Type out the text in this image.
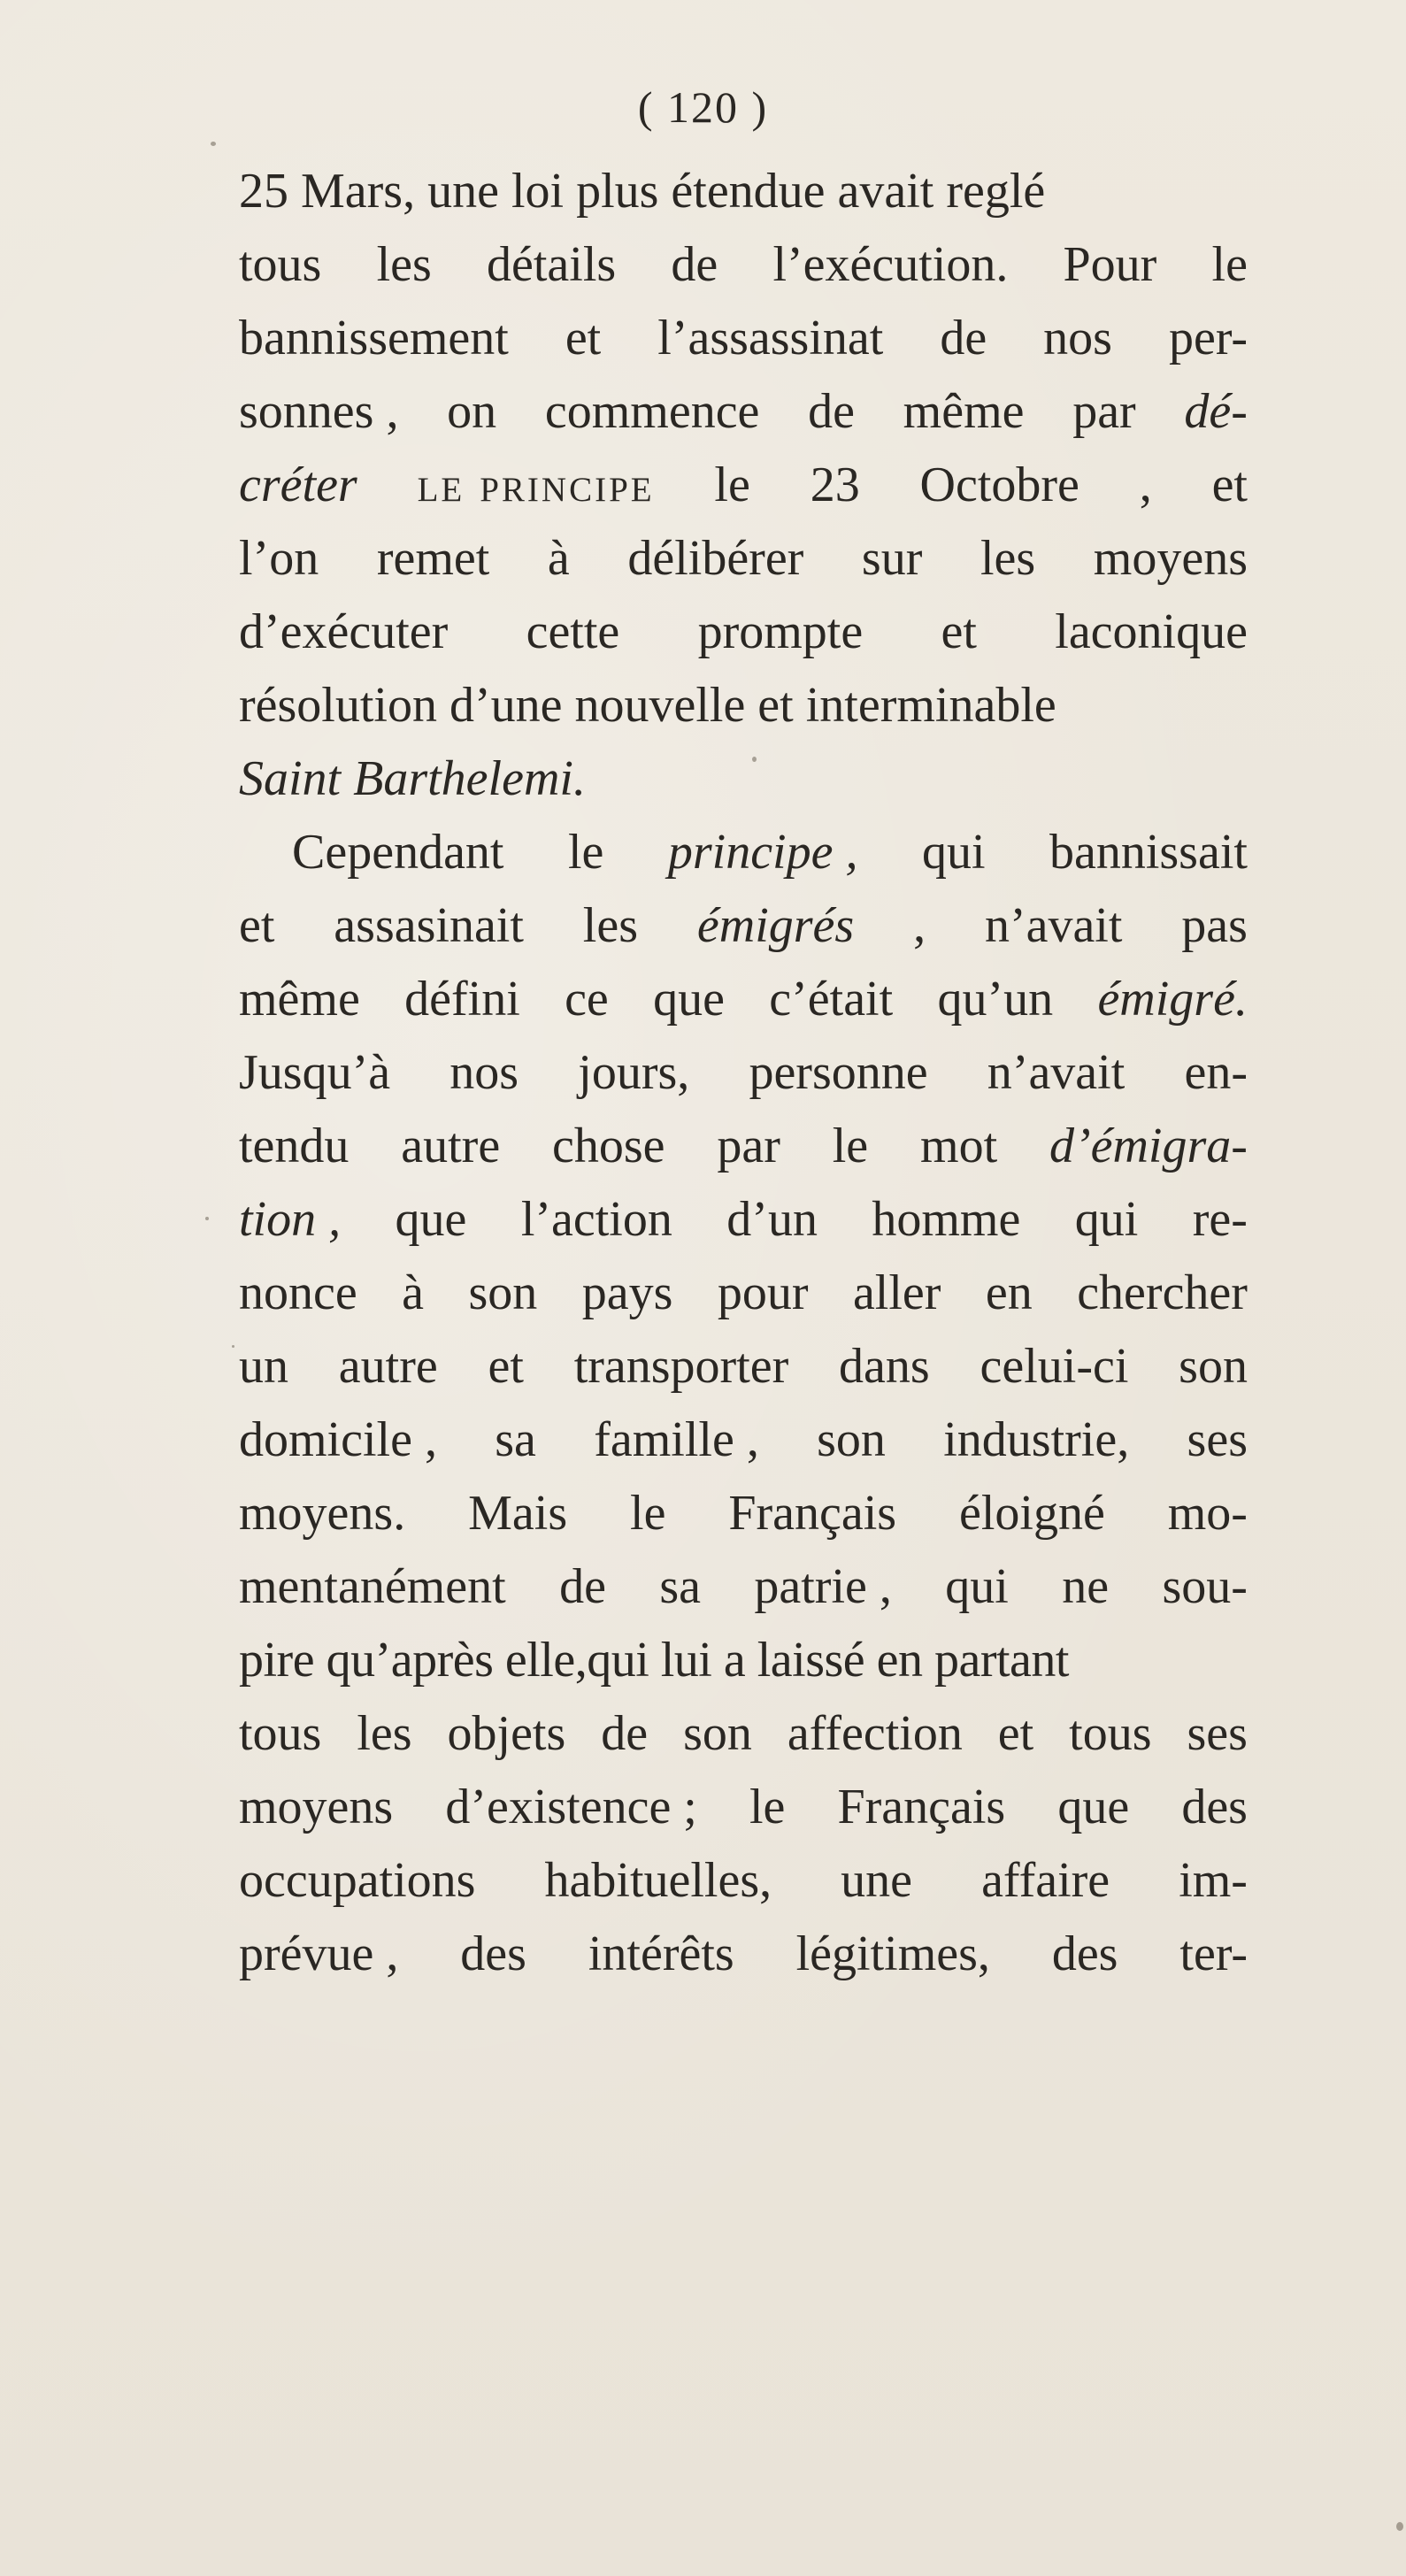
( 120 )
25 Mars, une loi plus étendue avait reglé
tous les détails de l’exécution. Pour le
bannissement et l’assassinat de nos per-
sonnes , on commence de même par dé-
créter le principe le 23 Octobre , et
l’on remet à délibérer sur les moyens
d’exécuter cette prompte et laconique
résolution d’une nouvelle et interminable
Saint Barthelemi.
Cependant le principe , qui bannissait
et assasinait les émigrés , n’avait pas
même défini ce que c’était qu’un émigré.
Jusqu’à nos jours, personne n’avait en-
tendu autre chose par le mot d’émigra-
tion , que l’action d’un homme qui re-
nonce à son pays pour aller en chercher
un autre et transporter dans celui-ci son
domicile , sa famille , son industrie, ses
moyens. Mais le Français éloigné mo-
mentanément de sa patrie , qui ne sou-
pire qu’après elle,qui lui a laissé en partant
tous les objets de son affection et tous ses
moyens d’existence ; le Français que des
occupations habituelles, une affaire im-
prévue , des intérêts légitimes, des ter-
